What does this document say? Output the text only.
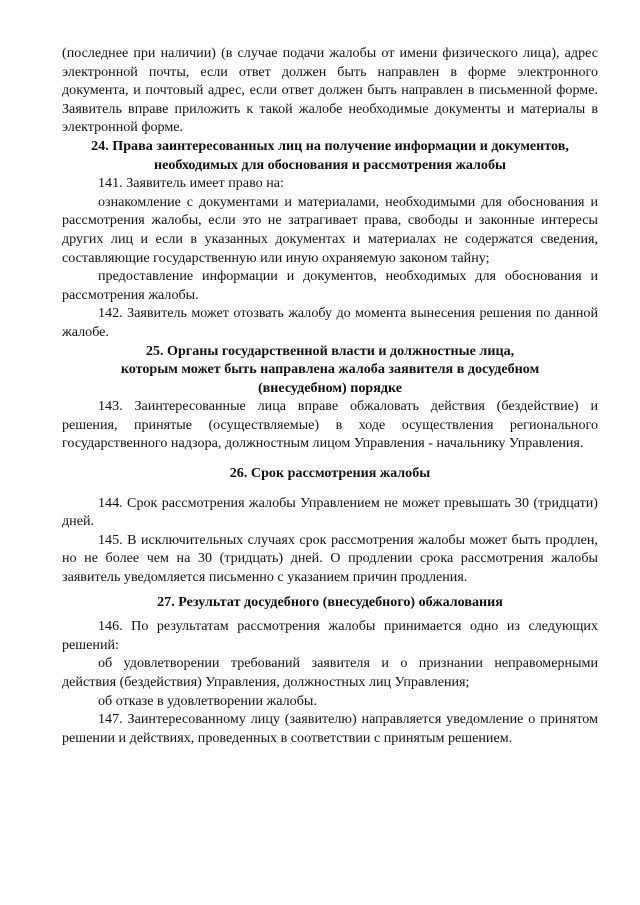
(последнее при наличии) (в случае подачи жалобы от имени физического лица), адрес электронной почты, если ответ должен быть направлен в форме электронного документа, и почтовый адрес, если ответ должен быть направлен в письменной форме. Заявитель вправе приложить к такой жалобе необходимые документы и материалы в электронной форме.

24. Права заинтересованных лиц на получение информации и документов,
необходимых для обоснования и рассмотрения жалобы

141. Заявитель имеет право на:

ознакомление с документами и материалами, необходимыми для обоснования и рассмотрения жалобы, если это не затрагивает права, свободы и законные интересы других лиц и если в указанных документах и материалах не содержатся сведения, составляющие государственную или иную охраняемую законом тайну;

предоставление информации и документов, необходимых для обоснования и рассмотрения жалобы.

142. Заявитель может отозвать жалобу до момента вынесения решения по данной жалобе.

25. Органы государственной власти и должностные лица,
которым может быть направлена жалоба заявителя в досудебном
(внесудебном) порядке

143. Заинтересованные лица вправе обжаловать действия (бездействие) и решения, принятые (осуществляемые) в ходе осуществления регионального государственного надзора, должностным лицом Управления - начальнику Управления.

26. Срок рассмотрения жалобы

144. Срок рассмотрения жалобы Управлением не может превышать 30 (тридцати) дней.

145. В исключительных случаях срок рассмотрения жалобы может быть продлен, но не более чем на 30 (тридцать) дней. О продлении срока рассмотрения жалобы заявитель уведомляется письменно с указанием причин продления.

27. Результат досудебного (внесудебного) обжалования

146. По результатам рассмотрения жалобы принимается одно из следующих решений:

об удовлетворении требований заявителя и о признании неправомерными действия (бездействия) Управления, должностных лиц Управления;

об отказе в удовлетворении жалобы.

147. Заинтересованному лицу (заявителю) направляется уведомление о принятом решении и действиях, проведенных в соответствии с принятым решением.
